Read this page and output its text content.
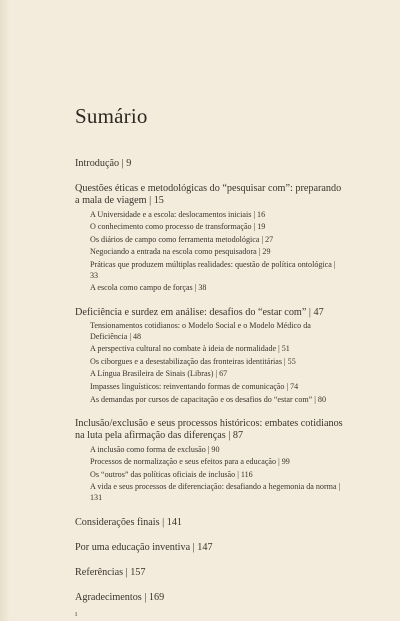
Sumário
Introdução | 9
Questões éticas e metodológicas do “pesquisar com”: preparando a mala de viagem | 15
A Universidade e a escola: deslocamentos iniciais | 16
O conhecimento como processo de transformação | 19
Os diários de campo como ferramenta metodológica | 27
Negociando a entrada na escola como pesquisadora | 29
Práticas que produzem múltiplas realidades: questão de política ontológica | 33
A escola como campo de forças | 38
Deficiência e surdez em análise: desafios do “estar com” | 47
Tensionamentos cotidianos: o Modelo Social e o Modelo Médico da Deficiência | 48
A perspectiva cultural no combate à ideia de normalidade | 51
Os ciborgues e a desestabilização das fronteiras identitárias | 55
A Língua Brasileira de Sinais (Libras) | 67
Impasses linguísticos: reinventando formas de comunicação | 74
As demandas por cursos de capacitação e os desafios do “estar com” | 80
Inclusão/exclusão e seus processos históricos: embates cotidianos na luta pela afirmação das diferenças | 87
A inclusão como forma de exclusão | 90
Processos de normalização e seus efeitos para a educação | 99
Os “outros” das políticas oficiais de inclusão | 116
A vida e seus processos de diferenciação: desafiando a hegemonia da norma | 131
Considerações finais | 141
Por uma educação inventiva | 147
Referências | 157
Agradecimentos | 169
ı
